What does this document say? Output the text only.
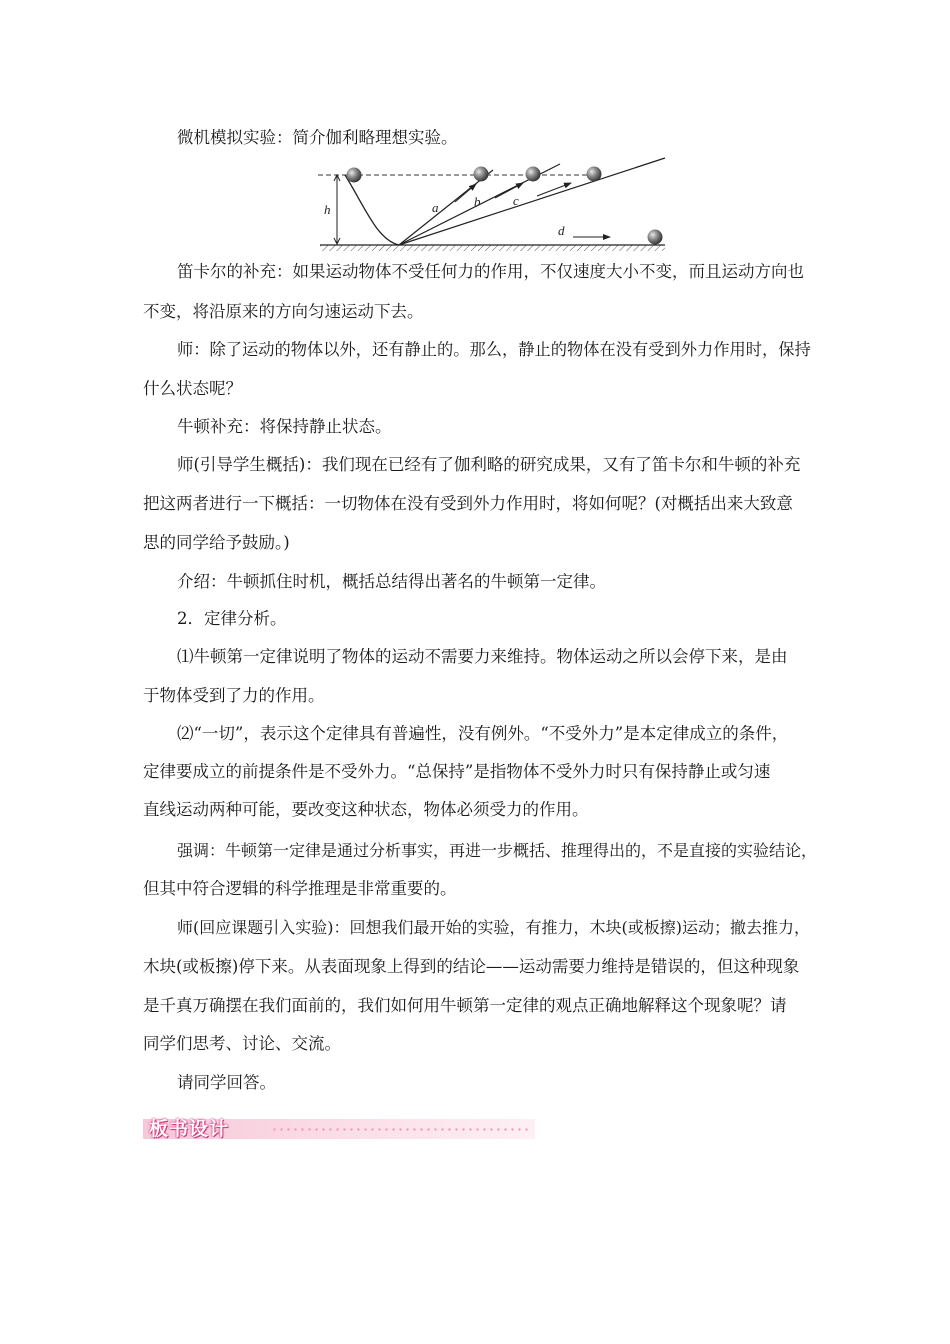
微机模拟实验：简介伽利略理想实验。
h	a	b	c
d
笛卡尔的补充：如果运动物体不受任何力的作用，不仅速度大小不变，而且运动方向也
不变，将沿原来的方向匀速运动下去。
师：除了运动的物体以外，还有静止的。那么，静止的物体在没有受到外力作用时，保持
什么状态呢？
牛顿补充：将保持静止状态。
师(引导学生概括)：我们现在已经有了伽利略的研究成果，又有了笛卡尔和牛顿的补充
把这两者进行一下概括：一切物体在没有受到外力作用时，将如何呢？(对概括出来大致意
思的同学给予鼓励。)
介绍：牛顿抓住时机，概括总结得出著名的牛顿第一定律。
2．定律分析。
⑴牛顿第一定律说明了物体的运动不需要力来维持。物体运动之所以会停下来，是由
于物体受到了力的作用。
⑵“一切”，表示这个定律具有普遍性，没有例外。“不受外力”是本定律成立的条件，
定律要成立的前提条件是不受外力。“总保持”是指物体不受外力时只有保持静止或匀速
直线运动两种可能，要改变这种状态，物体必须受力的作用。
强调：牛顿第一定律是通过分析事实，再进一步概括、推理得出的，不是直接的实验结论，
但其中符合逻辑的科学推理是非常重要的。
师(回应课题引入实验)：回想我们最开始的实验，有推力，木块(或板擦)运动；撤去推力，
木块(或板擦)停下来。从表面现象上得到的结论——运动需要力维持是错误的，但这种现象
是千真万确摆在我们面前的，我们如何用牛顿第一定律的观点正确地解释这个现象呢？请
同学们思考、讨论、交流。
请同学回答。
板书设计
